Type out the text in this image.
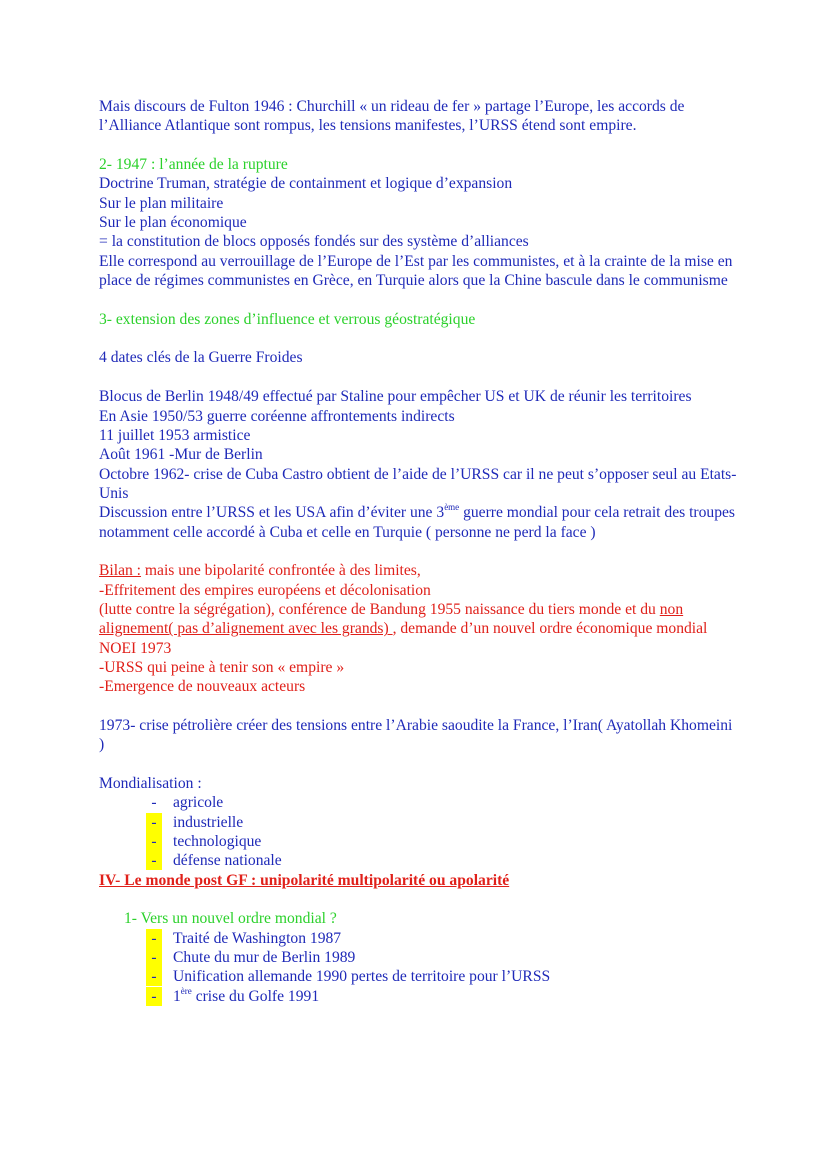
Mais discours de Fulton 1946 : Churchill « un rideau de fer » partage l’Europe, les accords de l’Alliance Atlantique sont rompus, les tensions manifestes, l’URSS étend sont empire.
2- 1947 : l’année de la rupture
Doctrine Truman, stratégie de containment et logique d’expansion
Sur le plan militaire
Sur le plan économique
= la constitution de blocs opposés fondés sur des système d’alliances
Elle correspond au verrouillage de l’Europe de l’Est par les communistes, et à la crainte de la mise en place de régimes communistes en Grèce, en Turquie alors que la Chine bascule dans le communisme
3- extension des zones d’influence et verrous géostratégique
4 dates clés de la Guerre Froides
Blocus de Berlin 1948/49 effectué par Staline pour empêcher US et UK de réunir les territoires
En Asie 1950/53 guerre coréenne affrontements indirects
11 juillet 1953 armistice
Août 1961 -Mur de Berlin
Octobre 1962- crise de Cuba Castro obtient de l’aide de l’URSS car il ne peut s’opposer seul au Etats-Unis
Discussion entre l’URSS et les USA afin d’éviter une 3ème guerre mondial pour cela retrait des troupes notamment celle accordé à Cuba et celle en Turquie ( personne ne perd la face )
Bilan : mais une bipolarité confrontée à des limites,
-Effritement des empires européens et décolonisation
(lutte contre la ségrégation), conférence de Bandung 1955 naissance du tiers monde et du non alignement( pas d’alignement avec les grands) , demande d’un nouvel ordre économique mondial NOEI 1973
-URSS qui peine à tenir son « empire »
-Emergence de nouveaux acteurs
1973- crise pétrolière créer des tensions entre l’Arabie saoudite la France, l’Iran( Ayatollah Khomeini )
Mondialisation :
-	agricole
-	industrielle
-	technologique
-	défense nationale
IV- Le monde post GF : unipolarité multipolarité ou apolarité
1- Vers un nouvel ordre mondial ?
-	Traité de Washington 1987
-	Chute du mur de Berlin 1989
-	Unification allemande 1990 pertes de territoire pour l’URSS
-	1ère crise du Golfe 1991
